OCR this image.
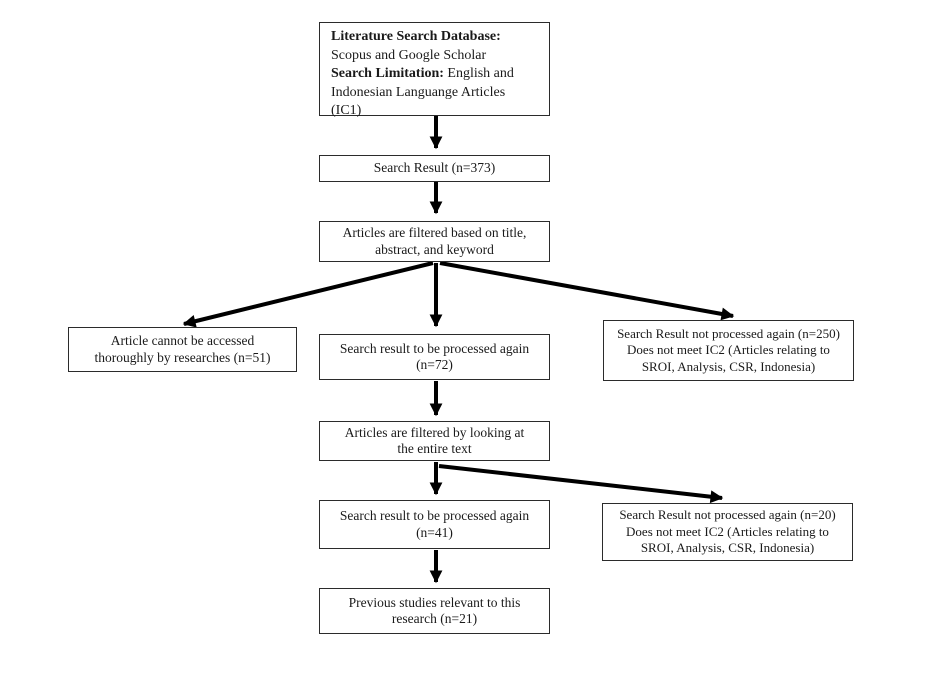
Literature Search Database:
Scopus and Google Scholar
Search Limitation: English and Indonesian Languange Articles (IC1)
Search Result (n=373)
Articles are filtered based on title,
abstract, and keyword
Article cannot be accessed
thoroughly by researches (n=51)
Search result to be processed again
(n=72)
Search Result not processed again (n=250)
Does not meet IC2 (Articles relating to
SROI, Analysis, CSR, Indonesia)
Articles are filtered by looking at
the entire text
Search result to be processed again
(n=41)
Search Result not processed again (n=20)
Does not meet IC2 (Articles relating to
SROI, Analysis, CSR, Indonesia)
Previous studies relevant to this
research (n=21)
